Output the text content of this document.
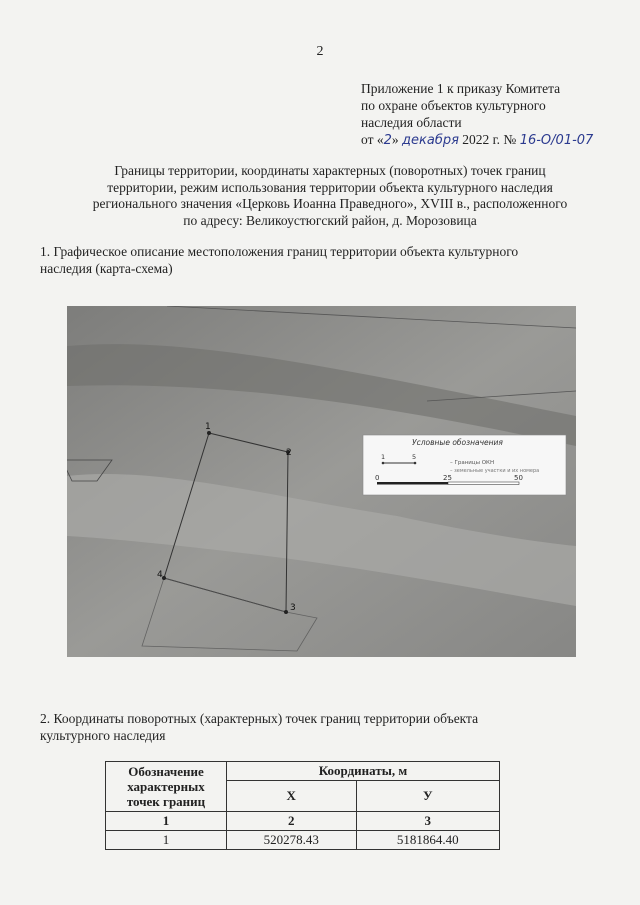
2
Приложение 1 к приказу Комитета
по охране объектов культурного
наследия области
от «2» декабря 2022 г. № 16-О/01-07
Границы территории, координаты характерных (поворотных) точек границ
территории, режим использования территории объекта культурного наследия
регионального значения «Церковь Иоанна Праведного», XVIII в., расположенного
по адресу: Великоустюгский район, д. Морозовица
1. Графическое описание местоположения границ территории объекта культурного
наследия (карта-схема)
1
2
3
4
Условные обозначения
1	5
– Границы ОКН
– земельные участки и их номера
0	25	50
2. Координаты поворотных (характерных) точек границ территории объекта
культурного наследия
Обозначение
характерных
точек границ	Координаты, м	
	Х	У
1	2	3
1	520278.43	5181864.40
